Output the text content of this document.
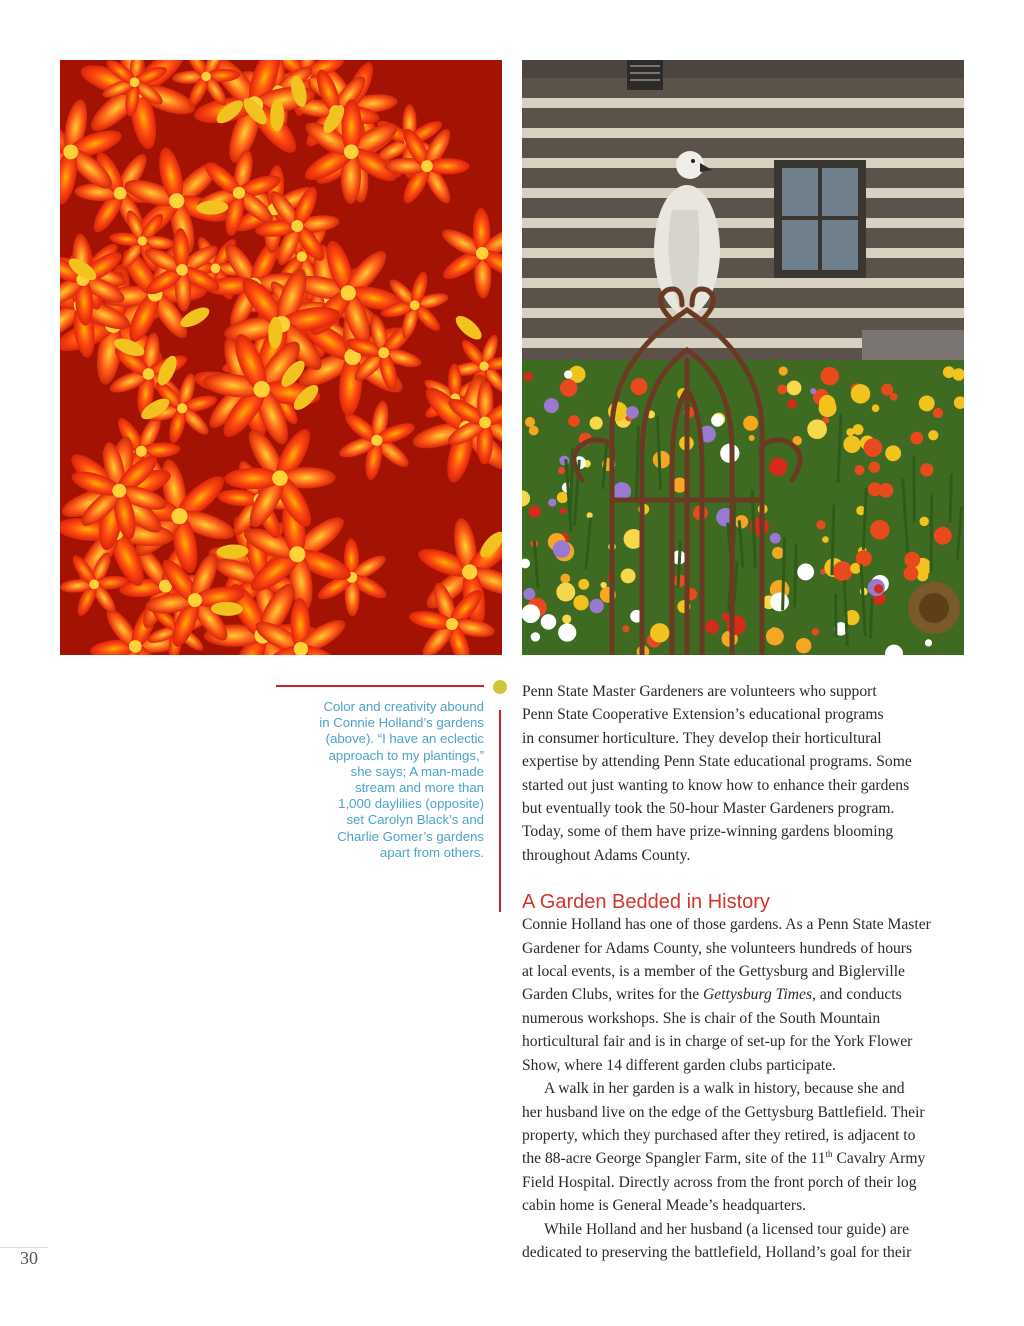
Color and creativity abound
in Connie Holland’s gardens
(above). “I have an eclectic
approach to my plantings,”
she says; A man-made
stream and more than
1,000 daylilies (opposite)
set Carolyn Black’s and
Charlie Gomer’s gardens
apart from others.

Penn State Master Gardeners are volunteers who support
Penn State Cooperative Extension’s educational programs
in consumer horticulture. They develop their horticultural
expertise by attending Penn State educational programs. Some
started out just wanting to know how to enhance their gardens
but eventually took the 50-hour Master Gardeners program.
Today, some of them have prize-winning gardens blooming
throughout Adams County.

A Garden Bedded in History

Connie Holland has one of those gardens. As a Penn State Master
Gardener for Adams County, she volunteers hundreds of hours
at local events, is a member of the Gettysburg and Biglerville
Garden Clubs, writes for the Gettysburg Times, and conducts
numerous workshops. She is chair of the South Mountain
horticultural fair and is in charge of set-up for the York Flower
Show, where 14 different garden clubs participate.

A walk in her garden is a walk in history, because she and
her husband live on the edge of the Gettysburg Battlefield. Their
property, which they purchased after they retired, is adjacent to
the 88-acre George Spangler Farm, site of the 11th Cavalry Army
Field Hospital. Directly across from the front porch of their log
cabin home is General Meade’s headquarters.

While Holland and her husband (a licensed tour guide) are
dedicated to preserving the battlefield, Holland’s goal for their

30
